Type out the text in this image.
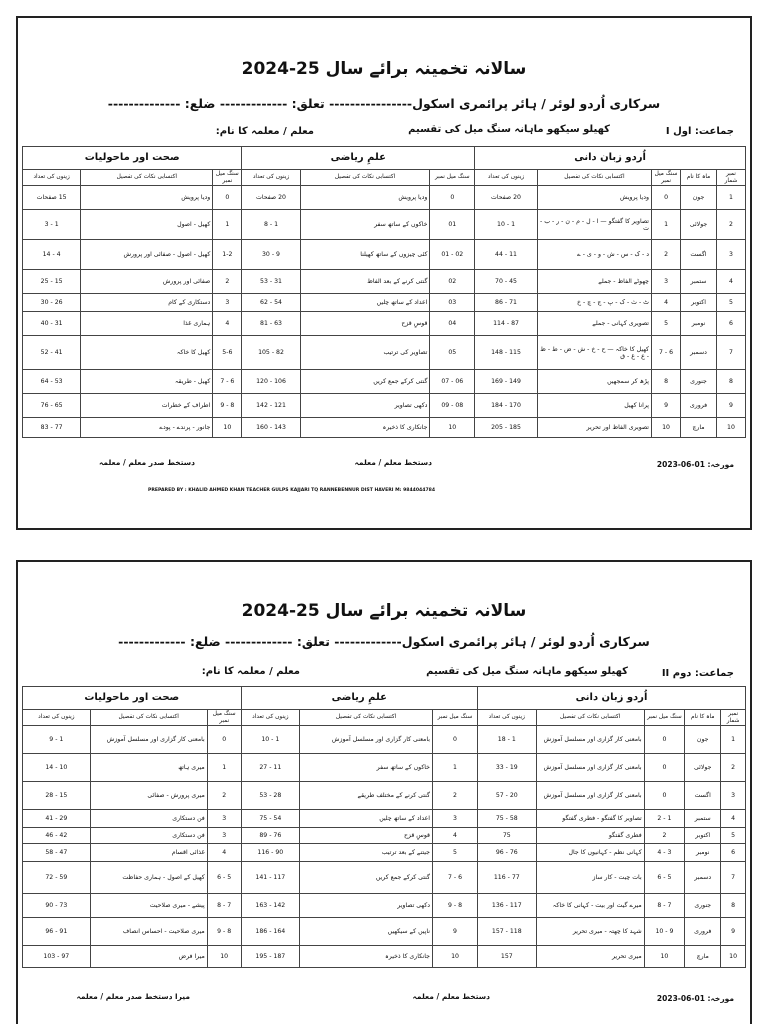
سالانہ تخمینہ برائے سال 25-2024
سرکاری اُردو لوئر / ہائر پرائمری اسکول---------------- تعلق: ------------- ضلع: --------------
جماعت: اول I
کھیلو سیکھو ماہانہ سنگ میل کی تقسیم
معلم / معلمہ کا نام:
اُردو زبان دانی					علمِ ریاضی			صحت اور ماحولیات		
نمبر شمار	ماہ کا نام	سنگ میل نمبر	اکتسابی نکات کی تفصیل	زینوں کی تعداد	سنگ میل نمبر	اکتسابی نکات کی تفصیل	زینوں کی تعداد	سنگ میل نمبر	اکتسابی نکات کی تفصیل	زینوں کی تعداد
1	جون	0	ودیا پرویش	20 صفحات	0	ودیا پرویش	20 صفحات	0	ودیا پرویش	15 صفحات
2	جولائی	1	تصاویر کا گفتگو — ا - ل - م - ن - ر - ب - ت	1 - 10	01	خاکوں کے ساتھ سفر	1 - 8	1	کھیل - اصول	1 - 3
3	اگست	2	د - ک - س - ش - و - ی - ے	11 - 44	02 - 01	کئی چیزوں کے ساتھ کھیلنا	9 - 30	1-2	کھیل - اصول - صفائی اور پرورش	4 - 14
4	ستمبر	3	چھوٹے الفاظ - جملے	45 - 70	02	گنتی کرنے کے بعد الفاظ	31 - 53	2	صفائی اور پرورش	15 - 25
5	اکتوبر	4	ٹ - ث - ک - پ - ج - چ - خ	71 - 86	03	اعداد کے ساتھ چلیں	54 - 62	3	دستکاری کے کام	26 - 30
6	نومبر	5	تصویری کہانی - جملے	87 - 114	04	قوسِ قزح	63 - 81	4	ہماری غذا	31 - 40
7	دسمبر	6 - 7	کھیل کا خاکہ — ح - خ - ش - ض - ط - ظ - ع - غ - ق	115 - 148	05	تصاویر کی ترتیب	82 - 105	5-6	کھیل کا خاکہ	41 - 52
8	جنوری	8	پڑھ کر سمجھیں	149 - 169	06 - 07	گنتی کرکے جمع کریں	106 - 120	6 - 7	کھیل - طریقہ	53 - 64
9	فروری	9	پرانا کھیل	170 - 184	08 - 09	دکھی تصاویر	121 - 142	8 - 9	اطراف کے خطرات	65 - 76
10	مارچ	10	تصویری الفاظ اور تحریر	185 - 205	10	جانکاری کا ذخیرہ	143 - 160	10	جانور - پرندے - پودے	77 - 83
مورخہ: 01-06-2023
دستخط معلم / معلمہ
دستخط صدر معلم / معلمہ
PREPARED BY : KHALID AHMED KHAN TEACHER GULPS KAJJARI TQ RANNEBENNUR DIST HAVERI M: 9844044784
سالانہ تخمینہ برائے سال 25-2024
سرکاری اُردو لوئر / ہائر پرائمری اسکول------------- تعلق: ------------- ضلع: -------------
جماعت: دوم II
کھیلو سیکھو ماہانہ سنگ میل کی تقسیم
معلم / معلمہ کا نام:
اُردو زبان دانی					علمِ ریاضی			صحت اور ماحولیات		
نمبر شمار	ماہ کا نام	سنگ میل نمبر	اکتسابی نکات کی تفصیل	زینوں کی تعداد	سنگ میل نمبر	اکتسابی نکات کی تفصیل	زینوں کی تعداد	سنگ میل نمبر	اکتسابی نکات کی تفصیل	زینوں کی تعداد
1	جون	0	بامعنی کار گزاری اور مسلسل آموزش	1 - 18	0	بامعنی کار گزاری اور مسلسل آموزش	1 - 10	0	بامعنی کار گزاری اور مسلسل آموزش	1 - 9
2	جولائی	0	بامعنی کار گزاری اور مسلسل آموزش	19 - 33	1	خاکوں کے ساتھ سفر	11 - 27	1	میری ہاتھ	10 - 14
3	اگست	0	بامعنی کار گزاری اور مسلسل آموزش	20 - 57	2	گنتی کرنے کے مختلف طریقے	28 - 53	2	میری پرورش - صفائی	15 - 28
4	ستمبر	1 - 2	تصاویر کا گفتگو - فطری گفتگو	58 - 75	3	اعداد کے ساتھ چلیں	54 - 75	3	فن دستکاری	29 - 41
5	اکتوبر	2	فطری گفتگو	75	4	قوسِ قزح	76 - 89	3	فن دستکاری	42 - 46
6	نومبر	3 - 4	کہانی نظم - کہانیوں کا جال	76 - 96	5	جیتنے کے بعد ترتیب	90 - 116	4	غذائی اقسام	47 - 58
7	دسمبر	5 - 6	بات چیت - کار ساز	77 - 116	6 - 7	گنتی کرکے جمع کریں	117 - 141	5 - 6	کھیل کے اصول - ہماری حفاظت	59 - 72
8	جنوری	7 - 8	میرے گیت اور بیت - کہانی کا خاکہ	117 - 136	8 - 9	دکھی تصاویر	142 - 163	7 - 8	پیشے - میری صلاحیت	73 - 90
9	فروری	9 - 10	شہد کا چھتہ - میری تحریر	118 - 157	9	ناپیں کے سیکھیں	164 - 186	8 - 9	میری صلاحیت - احساس انصاف	91 - 96
10	مارچ	10	میری تحریر	157	10	جانکاری کا ذخیرہ	187 - 195	10	میرا فرض	97 - 103
مورخہ: 01-06-2023
دستخط معلم / معلمہ
میرا دستخط صدر معلم / معلمہ
